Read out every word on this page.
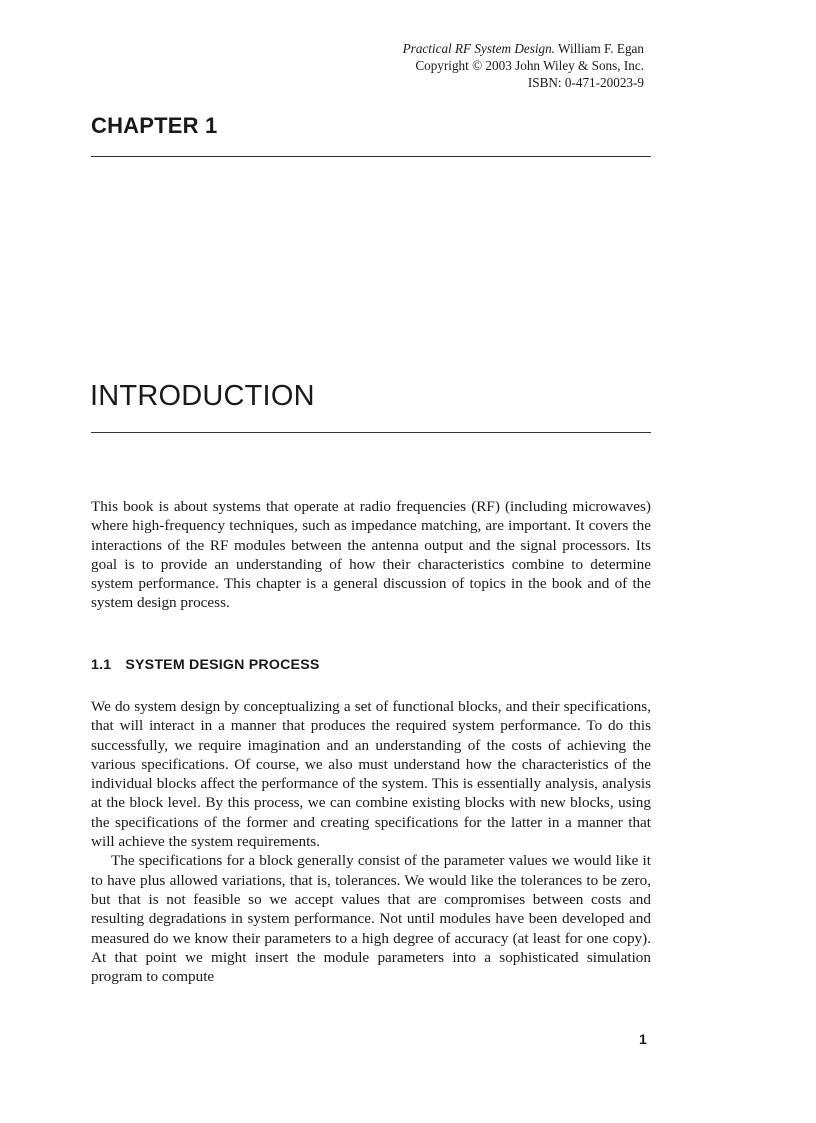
Practical RF System Design. William F. Egan
Copyright © 2003 John Wiley & Sons, Inc.
ISBN: 0-471-20023-9
CHAPTER 1
INTRODUCTION

This book is about systems that operate at radio frequencies (RF) (including microwaves) where high-frequency techniques, such as impedance matching, are important. It covers the interactions of the RF modules between the antenna output and the signal processors. Its goal is to provide an understanding of how their characteristics combine to determine system performance. This chapter is a general discussion of topics in the book and of the system design process.

1.1 SYSTEM DESIGN PROCESS

We do system design by conceptualizing a set of functional blocks, and their specifications, that will interact in a manner that produces the required system performance. To do this successfully, we require imagination and an understanding of the costs of achieving the various specifications. Of course, we also must understand how the characteristics of the individual blocks affect the performance of the system. This is essentially analysis, analysis at the block level. By this process, we can combine existing blocks with new blocks, using the specifications of the former and creating specifications for the latter in a manner that will achieve the system requirements.

The specifications for a block generally consist of the parameter values we would like it to have plus allowed variations, that is, tolerances. We would like the tolerances to be zero, but that is not feasible so we accept values that are compromises between costs and resulting degradations in system performance. Not until modules have been developed and measured do we know their parameters to a high degree of accuracy (at least for one copy). At that point we might insert the module parameters into a sophisticated simulation program to compute

1
